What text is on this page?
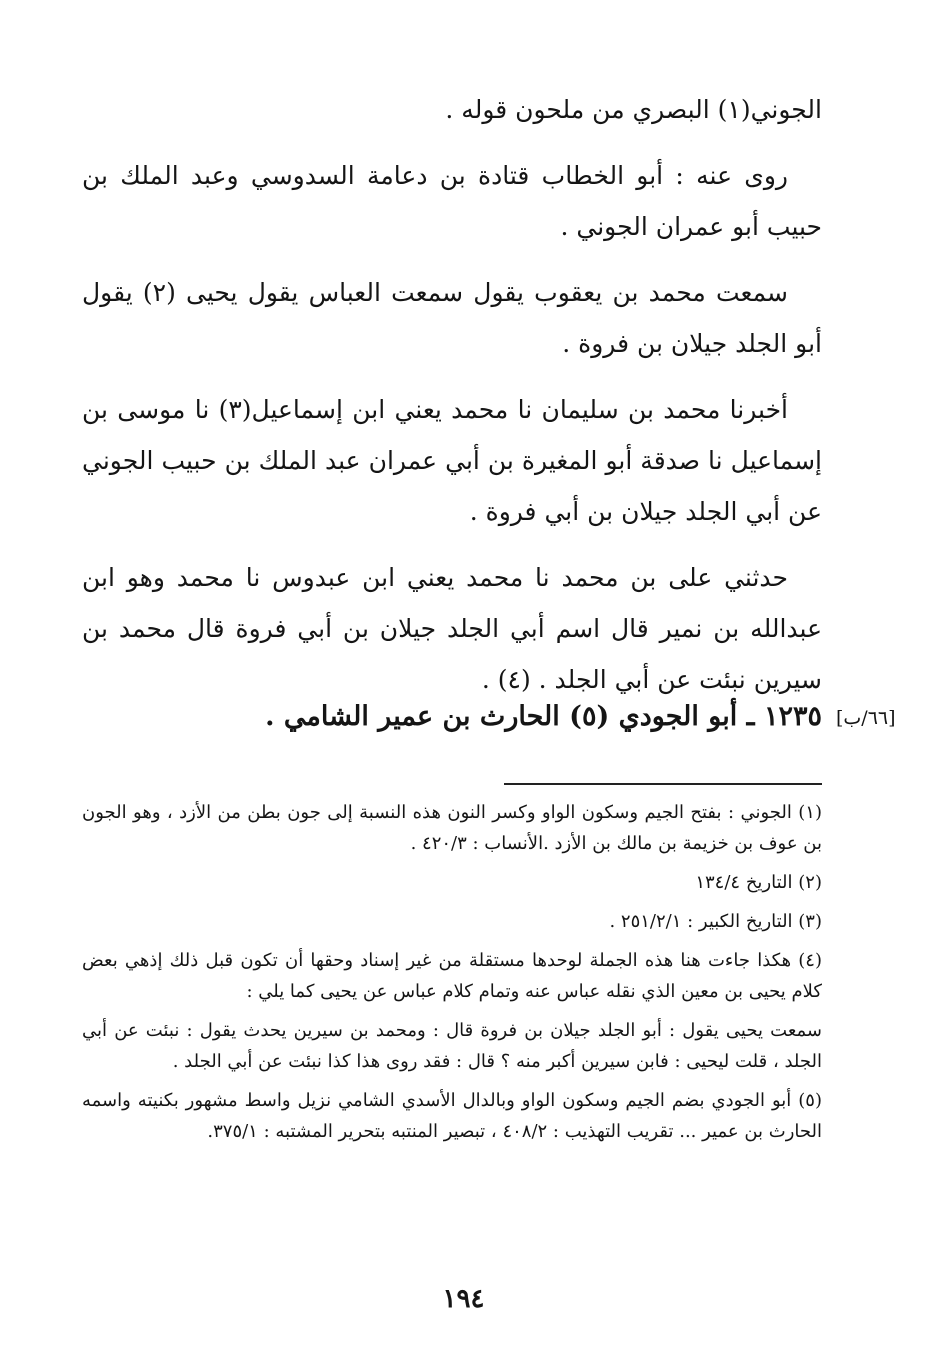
الجوني(١) البصري من ملحون قوله .

روى عنه : أبو الخطاب قتادة بن دعامة السدوسي وعبد الملك بن حبيب أبو عمران الجوني .

سمعت محمد بن يعقوب يقول سمعت العباس يقول يحيى (٢) يقول أبو الجلد جيلان بن فروة .

أخبرنا محمد بن سليمان نا محمد يعني ابن إسماعيل(٣) نا موسى بن إسماعيل نا صدقة أبو المغيرة بن أبي عمران عبد الملك بن حبيب الجوني عن أبي الجلد جيلان بن أبي فروة .

حدثني على بن محمد نا محمد يعني ابن عبدوس نا محمد وهو ابن عبدالله بن نمير قال اسم أبي الجلد جيلان بن أبي فروة قال محمد بن سيرين نبئت عن أبي الجلد . (٤) .

١٢٣٥ ـ أبو الجودي (٥) الحارث بن عمير الشامي . [٦٦/ب]

(١) الجوني : بفتح الجيم وسكون الواو وكسر النون هذه النسبة إلى جون بطن من الأزد ، وهو الجون بن عوف بن خزيمة بن مالك بن الأزد .الأنساب : ٤٢٠/٣ .

(٢) التاريخ ١٣٤/٤

(٣) التاريخ الكبير : ٢٥١/٢/١ .

(٤) هكذا جاءت هنا هذه الجملة لوحدها مستقلة من غير إسناد وحقها أن تكون قبل ذلك إذهي بعض كلام يحيى بن معين الذي نقله عباس عنه وتمام كلام عباس عن يحيى كما يلي :

سمعت يحيى يقول : أبو الجلد جيلان بن فروة قال : ومحمد بن سيرين يحدث يقول : نبئت عن أبي الجلد ، قلت ليحيى : فابن سيرين أكبر منه ؟ قال : فقد روى هذا كذا نبئت عن أبي الجلد .

(٥) أبو الجودي بضم الجيم وسكون الواو وبالدال الأسدي الشامي نزيل واسط مشهور بكنيته واسمه الحارث بن عمير ... تقريب التهذيب : ٤٠٨/٢ ، تبصير المنتبه بتحرير المشتبه : ٣٧٥/١.

١٩٤
